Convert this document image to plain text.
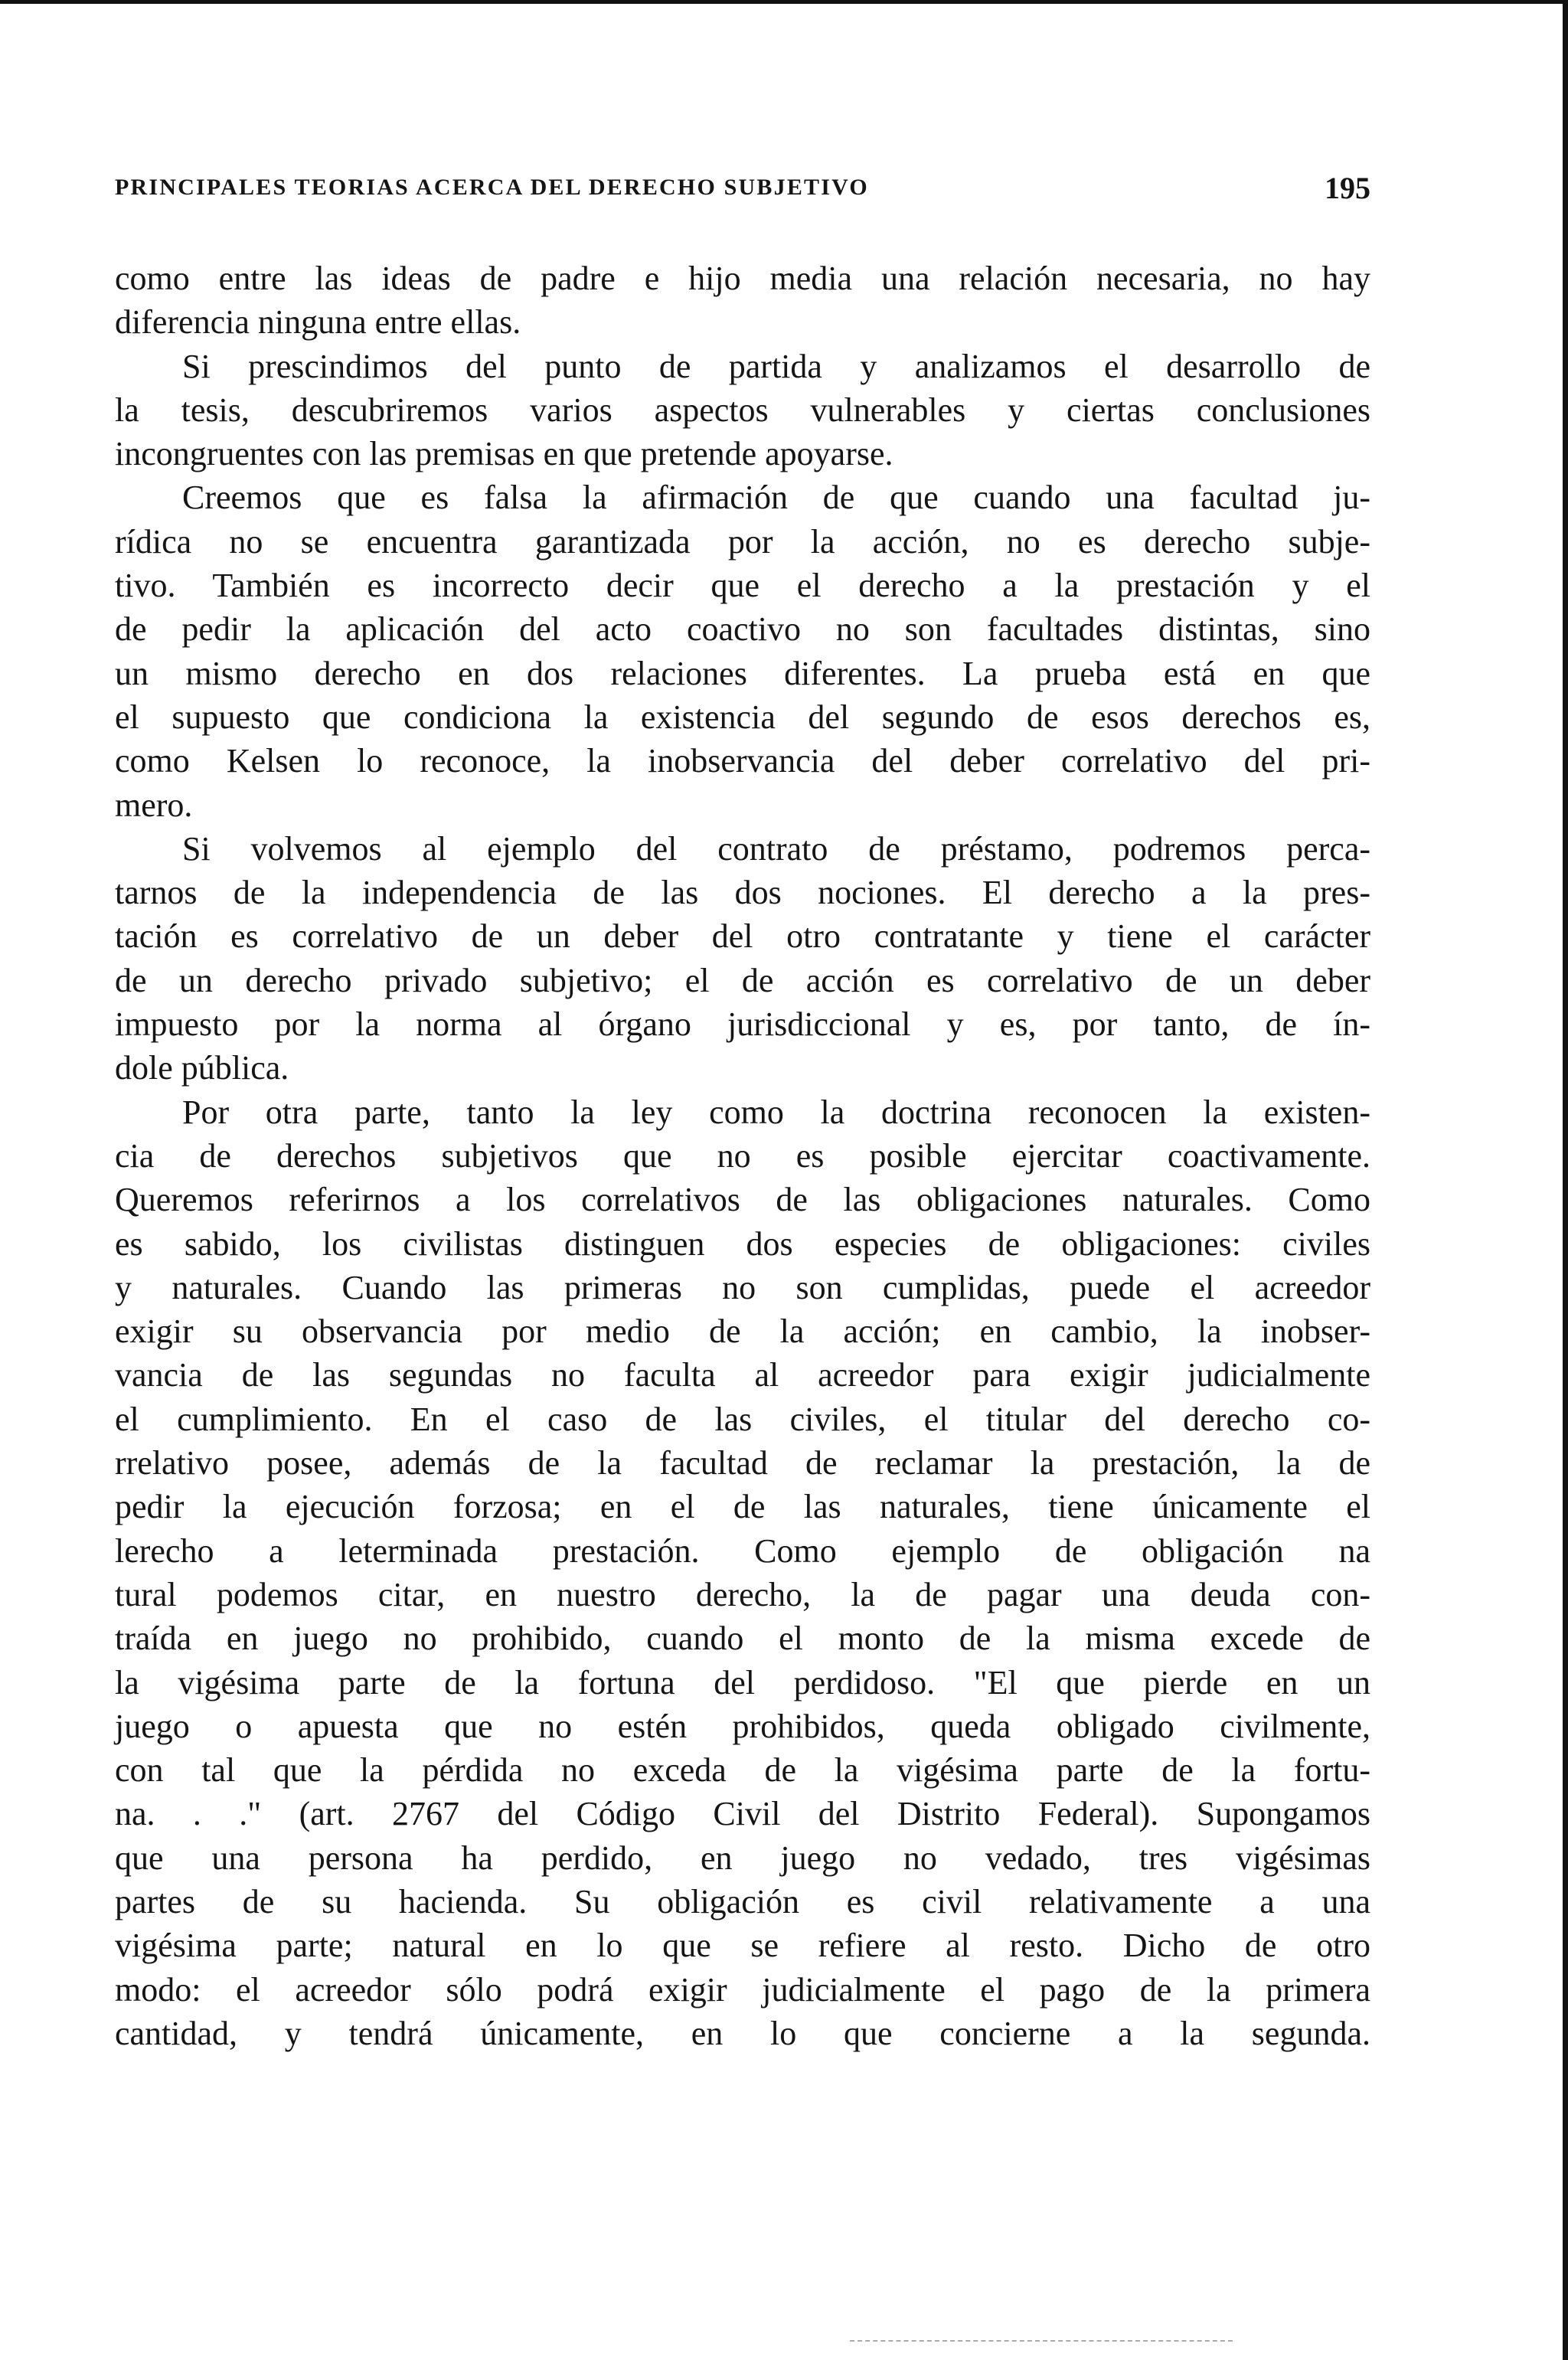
PRINCIPALES TEORIAS ACERCA DEL DERECHO SUBJETIVO	195
como entre las ideas de padre e hijo media una relación necesaria, no hay
diferencia ninguna entre ellas.
Si prescindimos del punto de partida y analizamos el desarrollo de
la tesis, descubriremos varios aspectos vulnerables y ciertas conclusiones
incongruentes con las premisas en que pretende apoyarse.
Creemos que es falsa la afirmación de que cuando una facultad ju-
rídica no se encuentra garantizada por la acción, no es derecho subje-
tivo. También es incorrecto decir que el derecho a la prestación y el
de pedir la aplicación del acto coactivo no son facultades distintas, sino
un mismo derecho en dos relaciones diferentes. La prueba está en que
el supuesto que condiciona la existencia del segundo de esos derechos es,
como Kelsen lo reconoce, la inobservancia del deber correlativo del pri-
mero.
Si volvemos al ejemplo del contrato de préstamo, podremos perca-
tarnos de la independencia de las dos nociones. El derecho a la pres-
tación es correlativo de un deber del otro contratante y tiene el carácter
de un derecho privado subjetivo; el de acción es correlativo de un deber
impuesto por la norma al órgano jurisdiccional y es, por tanto, de ín-
dole pública.
Por otra parte, tanto la ley como la doctrina reconocen la existen-
cia de derechos subjetivos que no es posible ejercitar coactivamente.
Queremos referirnos a los correlativos de las obligaciones naturales. Como
es sabido, los civilistas distinguen dos especies de obligaciones: civiles
y naturales. Cuando las primeras no son cumplidas, puede el acreedor
exigir su observancia por medio de la acción; en cambio, la inobser-
vancia de las segundas no faculta al acreedor para exigir judicialmente
el cumplimiento. En el caso de las civiles, el titular del derecho co-
rrelativo posee, además de la facultad de reclamar la prestación, la de
pedir la ejecución forzosa; en el de las naturales, tiene únicamente el
lerecho a leterminada prestación. Como ejemplo de obligación na
tural podemos citar, en nuestro derecho, la de pagar una deuda con-
traída en juego no prohibido, cuando el monto de la misma excede de
la vigésima parte de la fortuna del perdidoso. "El que pierde en un
juego o apuesta que no estén prohibidos, queda obligado civilmente,
con tal que la pérdida no exceda de la vigésima parte de la fortu-
na. . ." (art. 2767 del Código Civil del Distrito Federal). Supongamos
que una persona ha perdido, en juego no vedado, tres vigésimas
partes de su hacienda. Su obligación es civil relativamente a una
vigésima parte; natural en lo que se refiere al resto. Dicho de otro
modo: el acreedor sólo podrá exigir judicialmente el pago de la primera
cantidad, y tendrá únicamente, en lo que concierne a la segunda.
